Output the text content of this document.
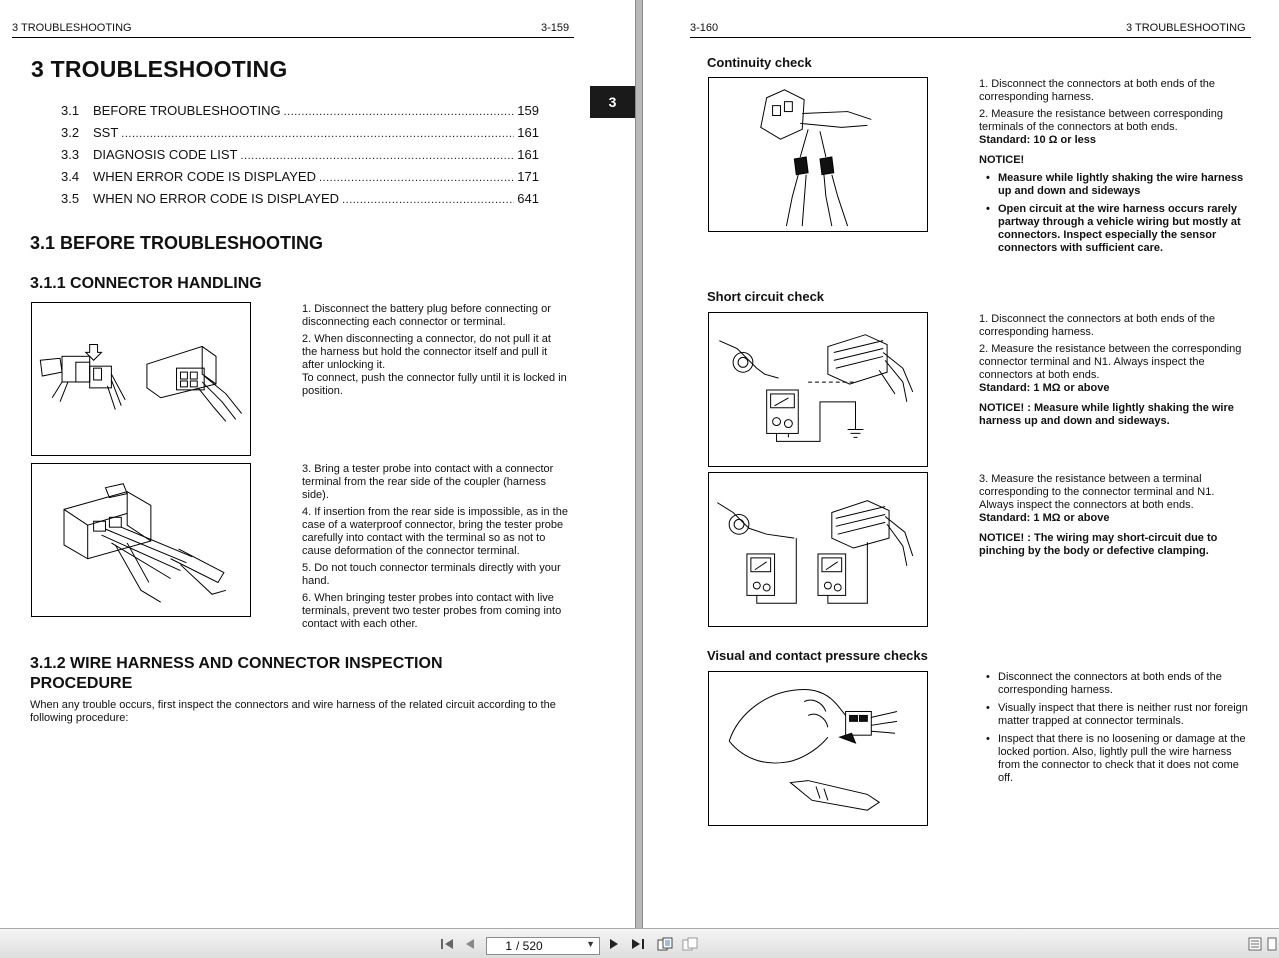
3 TROUBLESHOOTING	3-159
3 TROUBLESHOOTING
3.1	BEFORE TROUBLESHOOTING .....	159
3.2	SST .....	161
3.3	DIAGNOSIS CODE LIST .....	161
3.4	WHEN ERROR CODE IS DISPLAYED .....	171
3.5	WHEN NO ERROR CODE IS DISPLAYED .....	641
3
3.1 BEFORE TROUBLESHOOTING
3.1.1 CONNECTOR HANDLING

1. Disconnect the battery plug before connecting or disconnecting each connector or terminal.

2. When disconnecting a connector, do not pull it at the harness but hold the connector itself and pull it after unlocking it.

To connect, push the connector fully until it is locked in position.

3. Bring a tester probe into contact with a connector terminal from the rear side of the coupler (harness side).

4. If insertion from the rear side is impossible, as in the case of a waterproof connector, bring the tester probe carefully into contact with the terminal so as not to cause deformation of the connector terminal.

5. Do not touch connector terminals directly with your hand.

6. When bringing tester probes into contact with live terminals, prevent two tester probes from coming into contact with each other.

3.1.2 WIRE HARNESS AND CONNECTOR INSPECTION PROCEDURE
When any trouble occurs, first inspect the connectors and wire harness of the related circuit according to the following procedure:
3-160	3 TROUBLESHOOTING
Continuity check

1. Disconnect the connectors at both ends of the corresponding harness.

2. Measure the resistance between corresponding terminals of the connectors at both ends.

Standard: 10 Ω or less

NOTICE!

• Measure while lightly shaking the wire harness up and down and sideways
• Open circuit at the wire harness occurs rarely partway through a vehicle wiring but mostly at connectors. Inspect especially the sensor connectors with sufficient care.
Short circuit check

1. Disconnect the connectors at both ends of the corresponding harness.

2. Measure the resistance between the corresponding connector terminal and N1. Always inspect the connectors at both ends.

Standard: 1 MΩ or above

NOTICE! : Measure while lightly shaking the wire harness up and down and sideways.

3. Measure the resistance between a terminal corresponding to the connector terminal and N1. Always inspect the connectors at both ends.

Standard: 1 MΩ or above

NOTICE! : The wiring may short-circuit due to pinching by the body or defective clamping.

Visual and contact pressure checks
• Disconnect the connectors at both ends of the corresponding harness.
• Visually inspect that there is neither rust nor foreign matter trapped at connector terminals.
• Inspect that there is no loosening or damage at the locked portion. Also, lightly pull the wire harness from the connector to check that it does not come off.
1
/ 520	▼
